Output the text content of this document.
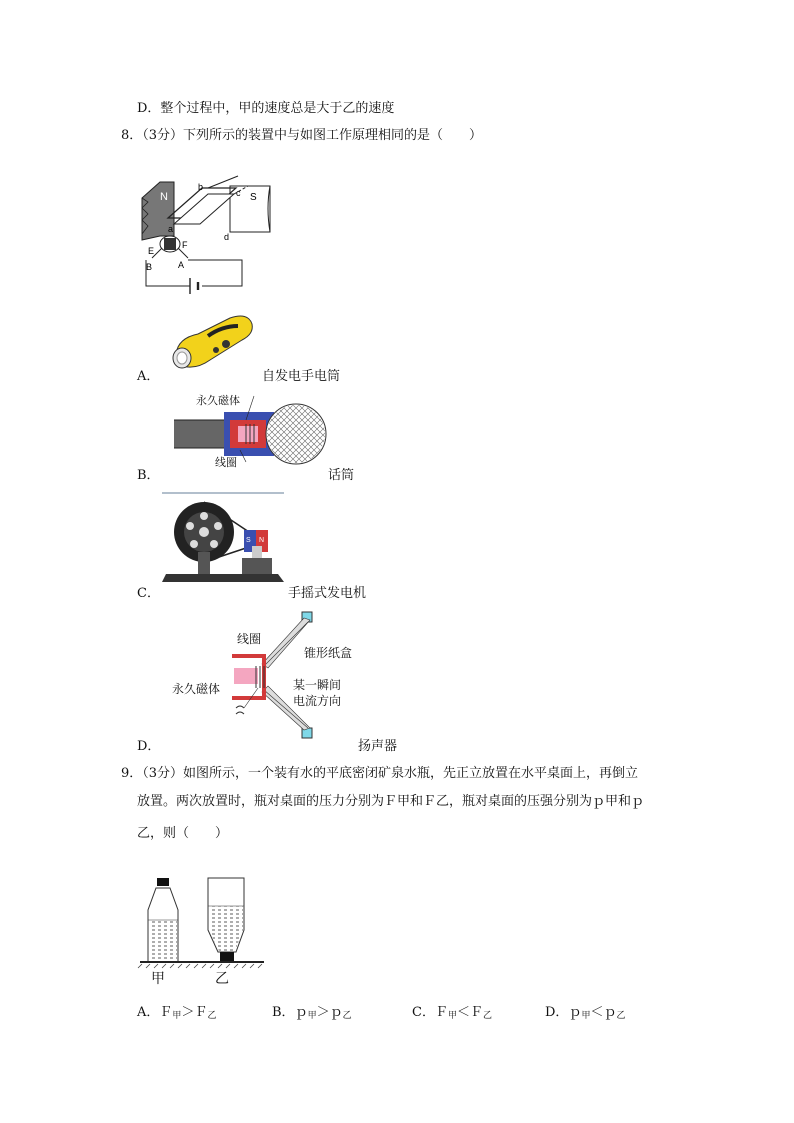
D．整个过程中，甲的速度总是大于乙的速度
8．（3分）下列所示的装置中与如图工作原理相同的是（　　）
N	S
b
c
a
d
E
F
B	A
A．	自发电手电筒
B．
永久磁体
线圈
话筒
C．
S N
手摇式发电机
D．
线圈
锥形纸盒
永久磁体	某一瞬间
电流方向
扬声器
9．（3分）如图所示，一个装有水的平底密闭矿泉水瓶，先正立放置在水平桌面上，再倒立
放置。两次放置时，瓶对桌面的压力分别为Ｆ甲和Ｆ乙，瓶对桌面的压强分别为ｐ甲和ｐ
乙，则（　　）
甲	乙
A．Ｆ$_甲$＞Ｆ$_乙$	B．ｐ$_甲$＞ｐ$_乙$	C．Ｆ$_甲$＜Ｆ$_乙$	D．ｐ$_甲$＜ｐ$_乙$
